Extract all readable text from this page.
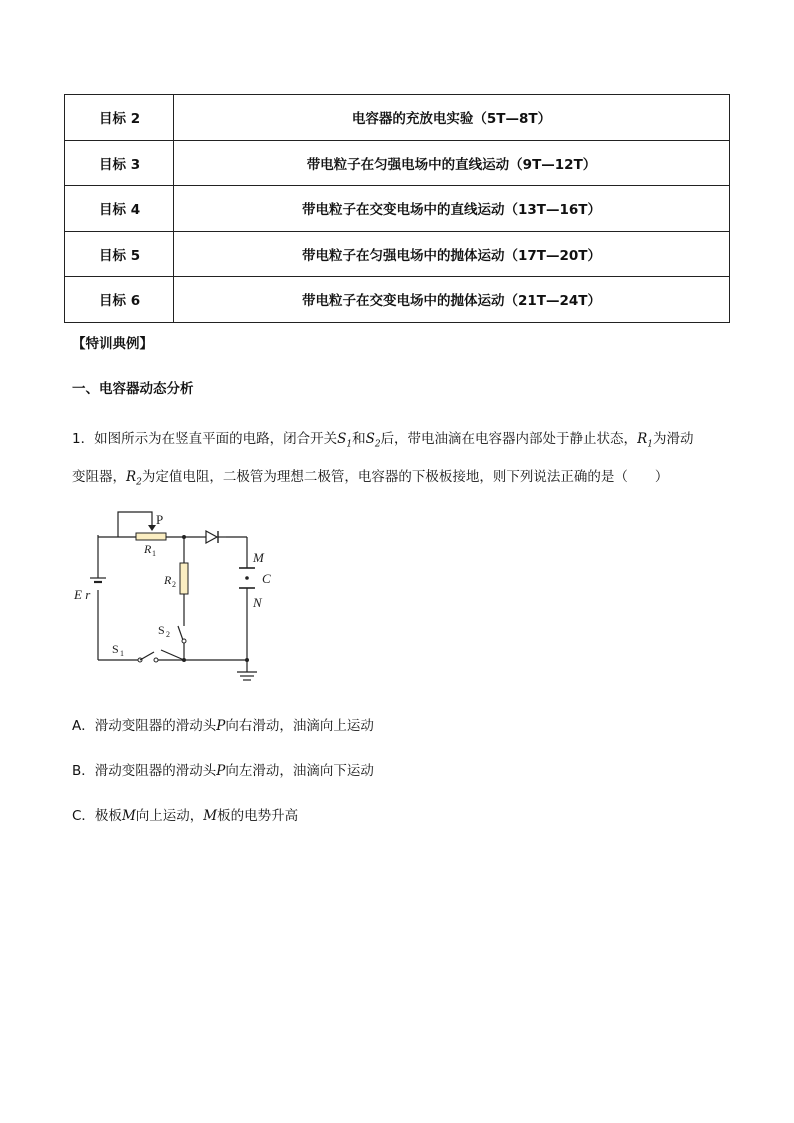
目标 2	电容器的充放电实验（5T—8T）
目标 3	带电粒子在匀强电场中的直线运动（9T—12T）
目标 4	带电粒子在交变电场中的直线运动（13T—16T）
目标 5	带电粒子在匀强电场中的抛体运动（17T—20T）
目标 6	带电粒子在交变电场中的抛体运动（21T—24T）
【特训典例】
一、电容器动态分析
1．如图所示为在竖直平面的电路，闭合开关$S_1$和$S_2$后，带电油滴在电容器内部处于静止状态，$R_1$为滑动
变阻器，$R_2$为定值电阻，二极管为理想二极管，电容器的下极板接地，则下列说法正确的是（　　）
P
R 1
R 2
M
C
N
E r
S 2
S 1
A．滑动变阻器的滑动头P向右滑动，油滴向上运动
B．滑动变阻器的滑动头P向左滑动，油滴向下运动
C．极板M向上运动，M板的电势升高
